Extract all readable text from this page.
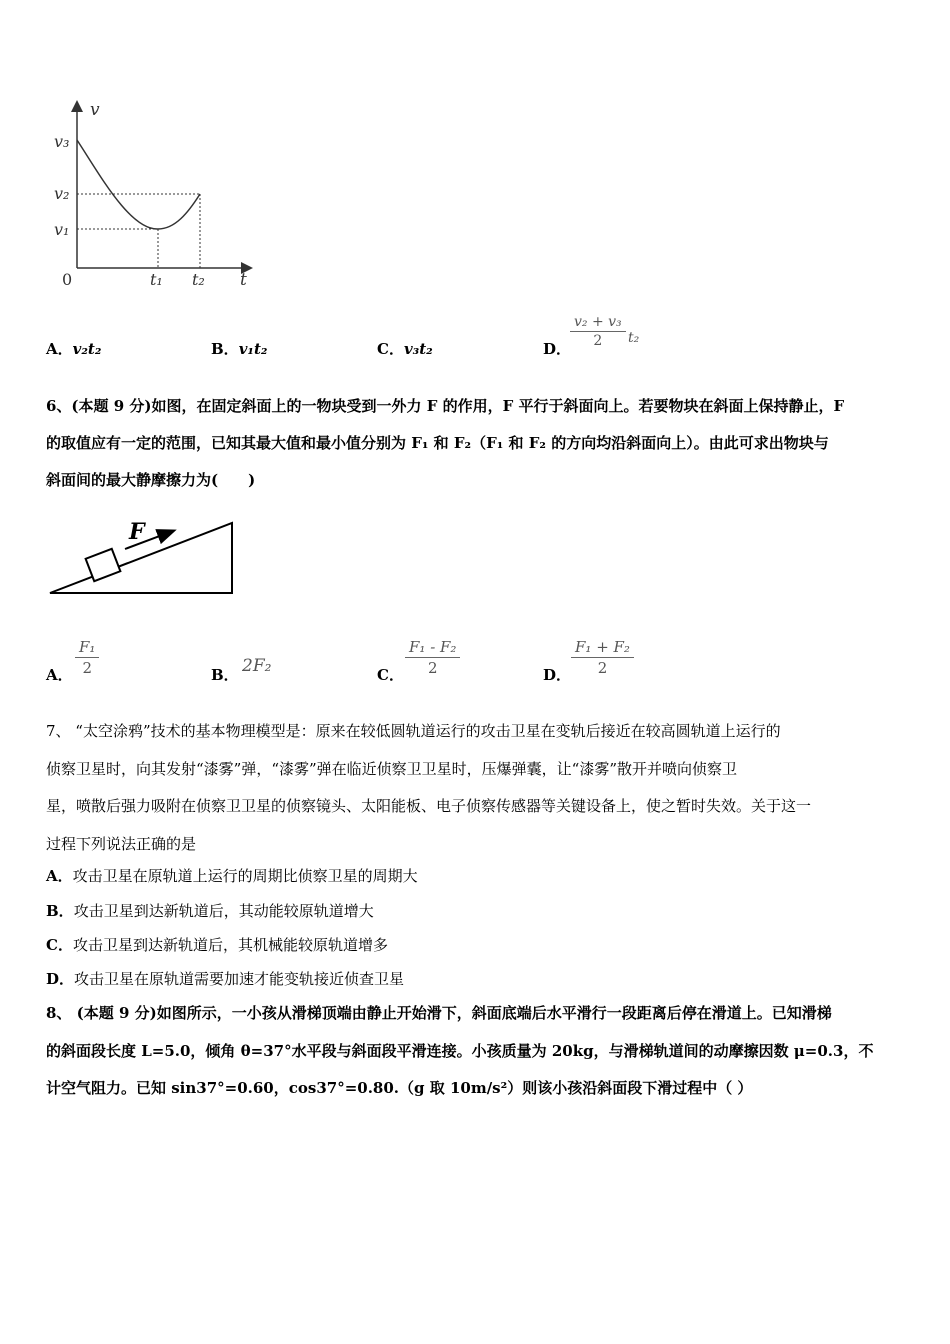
v
t
0
v₃
v₂
v₁
t₁ t₂
A．v₂t₂	B．v₁t₂	C．v₃t₂	D．
v₂ + v₃
2	t₂
6、(本题 9 分)如图，在固定斜面上的一物块受到一外力 F 的作用，F 平行于斜面向上。若要物块在斜面上保持静止，F
的取值应有一定的范围，已知其最大值和最小值分别为 F₁ 和 F₂（F₁ 和 F₂ 的方向均沿斜面向上）。由此可求出物块与
斜面间的最大静摩擦力为(　　)
F
A．
F₁
2	B． 2F₂	C．
F₁ - F₂
2	D．
F₁ + F₂
2
7、 “太空涂鸦”技术的基本物理模型是：原来在较低圆轨道运行的攻击卫星在变轨后接近在较高圆轨道上运行的
侦察卫星时，向其发射“漆雾”弹，“漆雾”弹在临近侦察卫卫星时，压爆弹囊，让“漆雾”散开并喷向侦察卫
星，喷散后强力吸附在侦察卫卫星的侦察镜头、太阳能板、电子侦察传感器等关键设备上，使之暂时失效。关于这一
过程下列说法正确的是
A．攻击卫星在原轨道上运行的周期比侦察卫星的周期大
B．攻击卫星到达新轨道后，其动能较原轨道增大
C．攻击卫星到达新轨道后，其机械能较原轨道增多
D．攻击卫星在原轨道需要加速才能变轨接近侦查卫星
8、 (本题 9 分)如图所示，一小孩从滑梯顶端由静止开始滑下，斜面底端后水平滑行一段距离后停在滑道上。已知滑梯
的斜面段长度 L=5.0，倾角 θ=37°水平段与斜面段平滑连接。小孩质量为 20kg，与滑梯轨道间的动摩擦因数 μ=0.3，不
计空气阻力。已知 sin37°=0.60，cos37°=0.80.（g 取 10m/s²）则该小孩沿斜面段下滑过程中（ ）
